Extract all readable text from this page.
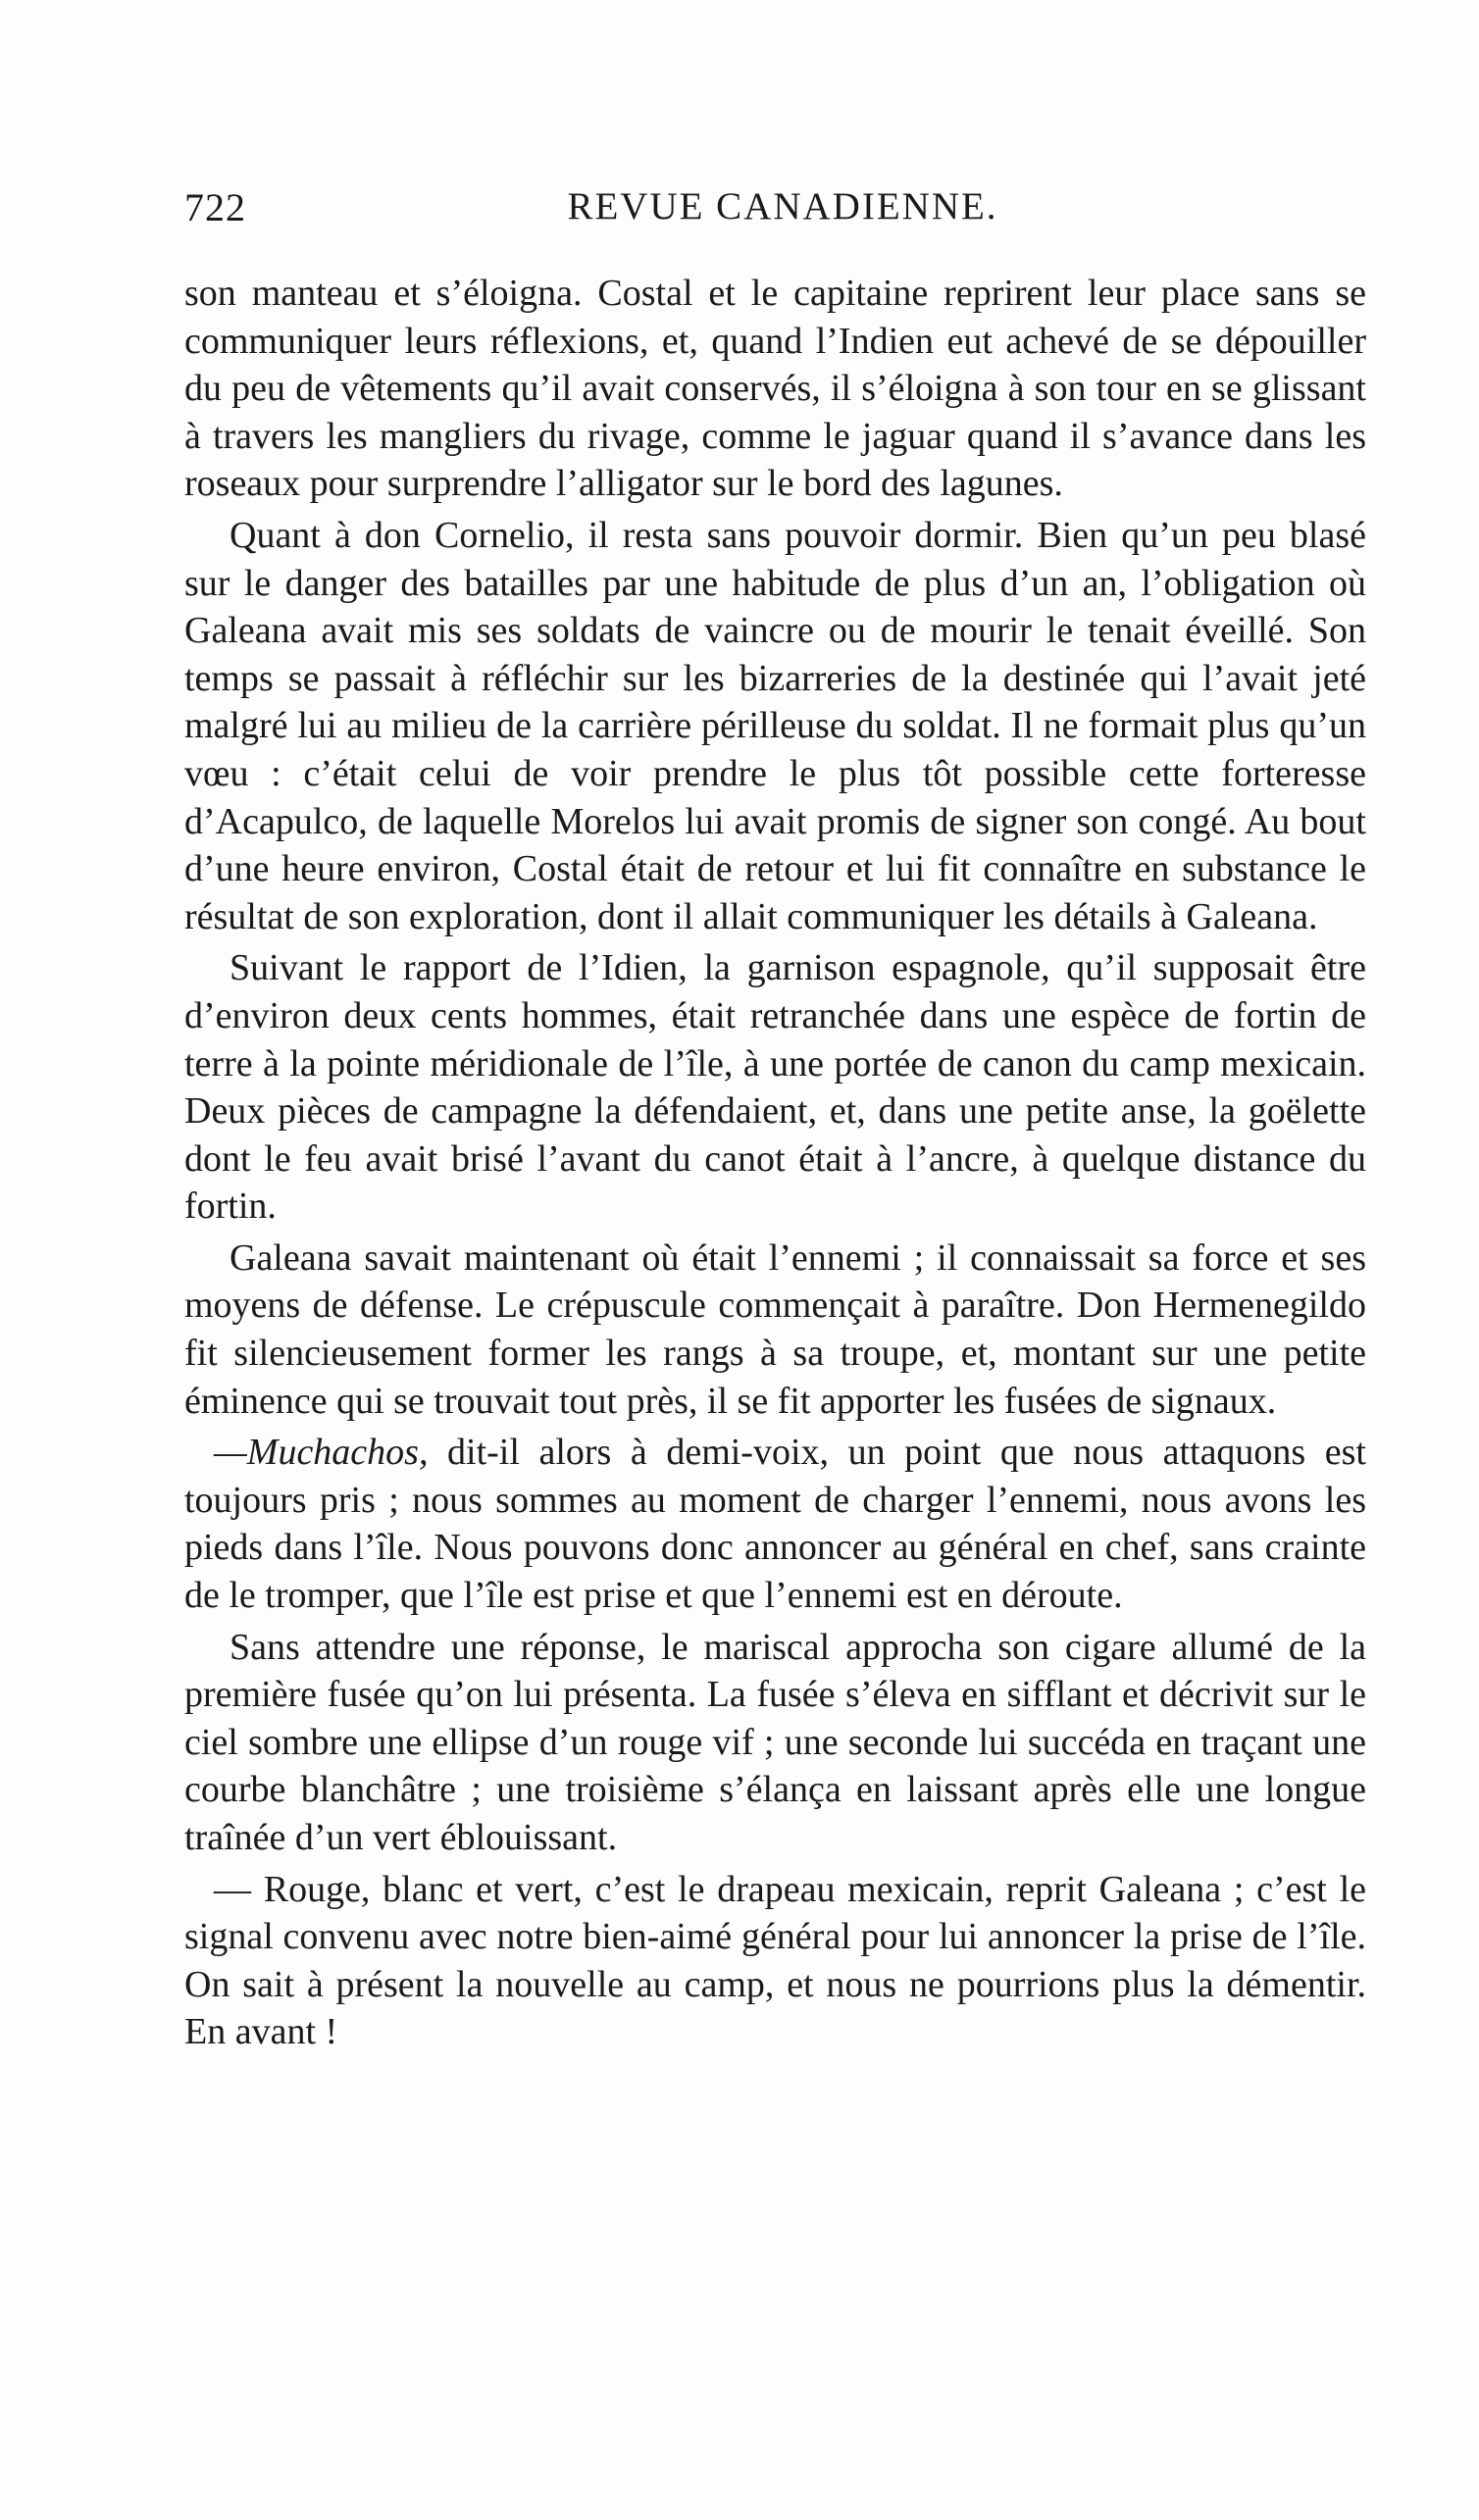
722	REVUE CANADIENNE.

son manteau et s’éloigna. Costal et le capitaine reprirent leur place sans se communiquer leurs réflexions, et, quand l’Indien eut achevé de se dépouiller du peu de vêtements qu’il avait conservés, il s’éloigna à son tour en se glissant à travers les mangliers du rivage, comme le jaguar quand il s’avance dans les roseaux pour surprendre l’alligator sur le bord des lagunes.

Quant à don Cornelio, il resta sans pouvoir dormir. Bien qu’un peu blasé sur le danger des batailles par une habitude de plus d’un an, l’obligation où Galeana avait mis ses soldats de vaincre ou de mourir le tenait éveillé. Son temps se passait à réfléchir sur les bizarreries de la destinée qui l’avait jeté malgré lui au milieu de la carrière périlleuse du soldat. Il ne formait plus qu’un vœu : c’était celui de voir prendre le plus tôt possible cette forteresse d’Acapulco, de laquelle Morelos lui avait promis de signer son congé. Au bout d’une heure environ, Costal était de retour et lui fit connaître en substance le résultat de son exploration, dont il allait communiquer les détails à Galeana.

Suivant le rapport de l’Idien, la garnison espagnole, qu’il supposait être d’environ deux cents hommes, était retranchée dans une espèce de fortin de terre à la pointe méridionale de l’île, à une portée de canon du camp mexicain. Deux pièces de campagne la défendaient, et, dans une petite anse, la goëlette dont le feu avait brisé l’avant du canot était à l’ancre, à quelque distance du fortin.

Galeana savait maintenant où était l’ennemi ; il connaissait sa force et ses moyens de défense. Le crépuscule commençait à paraître. Don Hermenegildo fit silencieusement former les rangs à sa troupe, et, montant sur une petite éminence qui se trouvait tout près, il se fit apporter les fusées de signaux.

—Muchachos, dit-il alors à demi-voix, un point que nous attaquons est toujours pris ; nous sommes au moment de charger l’ennemi, nous avons les pieds dans l’île. Nous pouvons donc annoncer au général en chef, sans crainte de le tromper, que l’île est prise et que l’ennemi est en déroute.

Sans attendre une réponse, le mariscal approcha son cigare allumé de la première fusée qu’on lui présenta. La fusée s’éleva en sifflant et décrivit sur le ciel sombre une ellipse d’un rouge vif ; une seconde lui succéda en traçant une courbe blanchâtre ; une troisième s’élança en laissant après elle une longue traînée d’un vert éblouissant.

— Rouge, blanc et vert, c’est le drapeau mexicain, reprit Galeana ; c’est le signal convenu avec notre bien-aimé général pour lui annoncer la prise de l’île. On sait à présent la nouvelle au camp, et nous ne pourrions plus la démentir. En avant !
